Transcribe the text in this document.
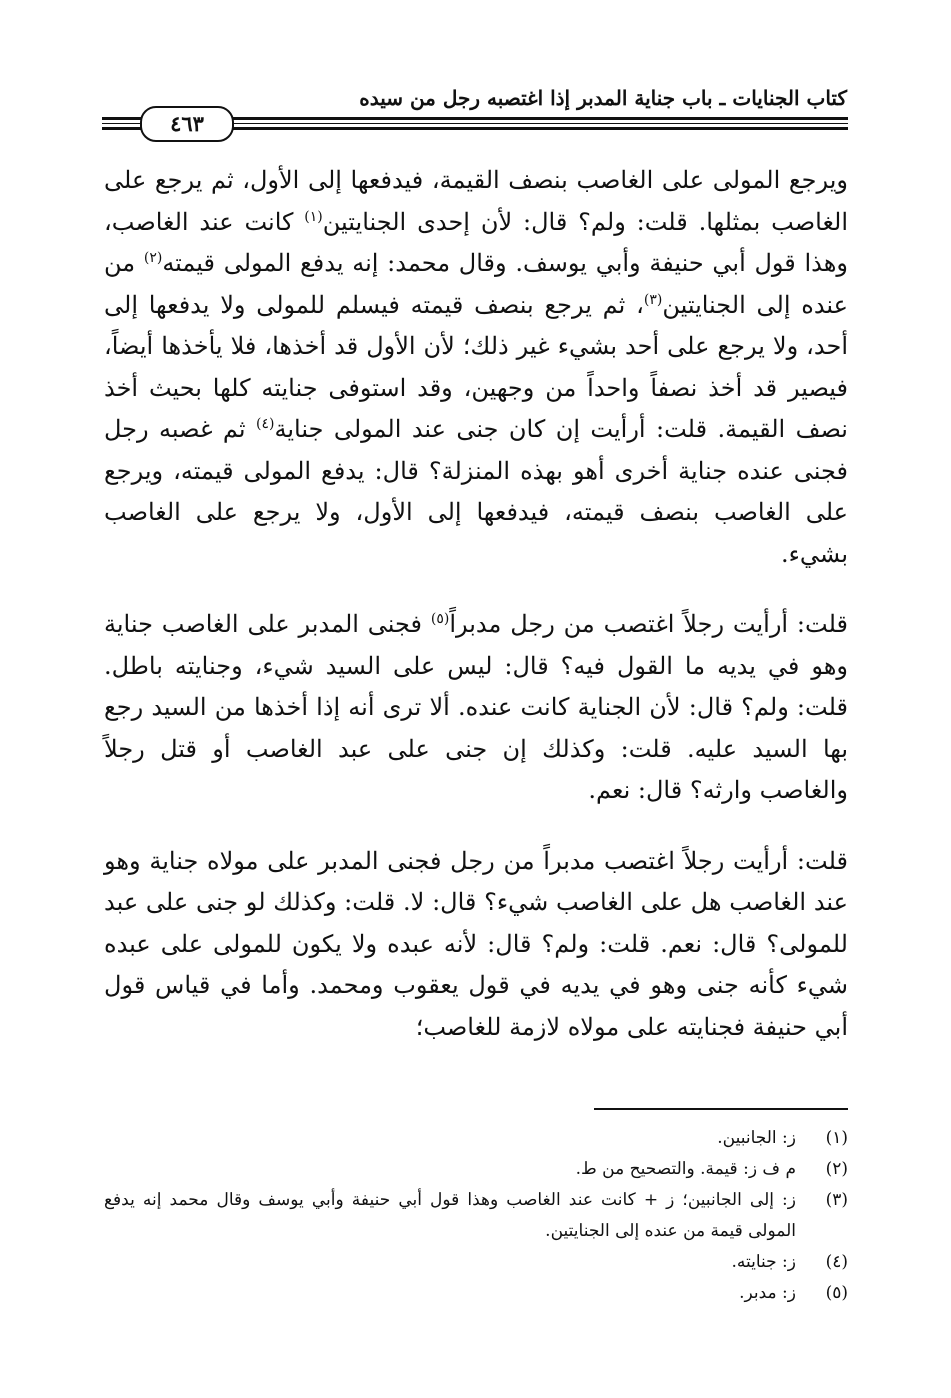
كتاب الجنايات ـ باب جناية المدبر إذا اغتصبه رجل من سيده
٤٦٣

ويرجع المولى على الغاصب بنصف القيمة، فيدفعها إلى الأول، ثم يرجع على الغاصب بمثلها. قلت: ولم؟ قال: لأن إحدى الجنايتين$^{(١)}$ كانت عند الغاصب، وهذا قول أبي حنيفة وأبي يوسف. وقال محمد: إنه يدفع المولى قيمته$^{(٢)}$ من عنده إلى الجنايتين$^{(٣)}$، ثم يرجع بنصف قيمته فيسلم للمولى ولا يدفعها إلى أحد، ولا يرجع على أحد بشيء غير ذلك؛ لأن الأول قد أخذها، فلا يأخذها أيضاً، فيصير قد أخذ نصفاً واحداً من وجهين، وقد استوفى جنايته كلها بحيث أخذ نصف القيمة. قلت: أرأيت إن كان جنى عند المولى جناية$^{(٤)}$ ثم غصبه رجل فجنى عنده جناية أخرى أهو بهذه المنزلة؟ قال: يدفع المولى قيمته، ويرجع على الغاصب بنصف قيمته، فيدفعها إلى الأول، ولا يرجع على الغاصب بشيء.

قلت: أرأيت رجلاً اغتصب من رجل مدبراً$^{(٥)}$ فجنى المدبر على الغاصب جناية وهو في يديه ما القول فيه؟ قال: ليس على السيد شيء، وجنايته باطل. قلت: ولم؟ قال: لأن الجناية كانت عنده. ألا ترى أنه إذا أخذها من السيد رجع بها السيد عليه. قلت: وكذلك إن جنى على عبد الغاصب أو قتل رجلاً والغاصب وارثه؟ قال: نعم.

قلت: أرأيت رجلاً اغتصب مدبراً من رجل فجنى المدبر على مولاه جناية وهو عند الغاصب هل على الغاصب شيء؟ قال: لا. قلت: وكذلك لو جنى على عبد للمولى؟ قال: نعم. قلت: ولم؟ قال: لأنه عبده ولا يكون للمولى على عبده شيء كأنه جنى وهو في يديه في قول يعقوب ومحمد. وأما في قياس قول أبي حنيفة فجنايته على مولاه لازمة للغاصب؛

(١)
ز: الجانبين.
(٢)
م ف ز: قيمة. والتصحيح من ط.
(٣)
ز: إلى الجانبين؛ ز + كانت عند الغاصب وهذا قول أبي حنيفة وأبي يوسف وقال محمد إنه يدفع المولى قيمة من عنده إلى الجنايتين.
(٤)
ز: جنايته.
(٥)
ز: مدبر.
